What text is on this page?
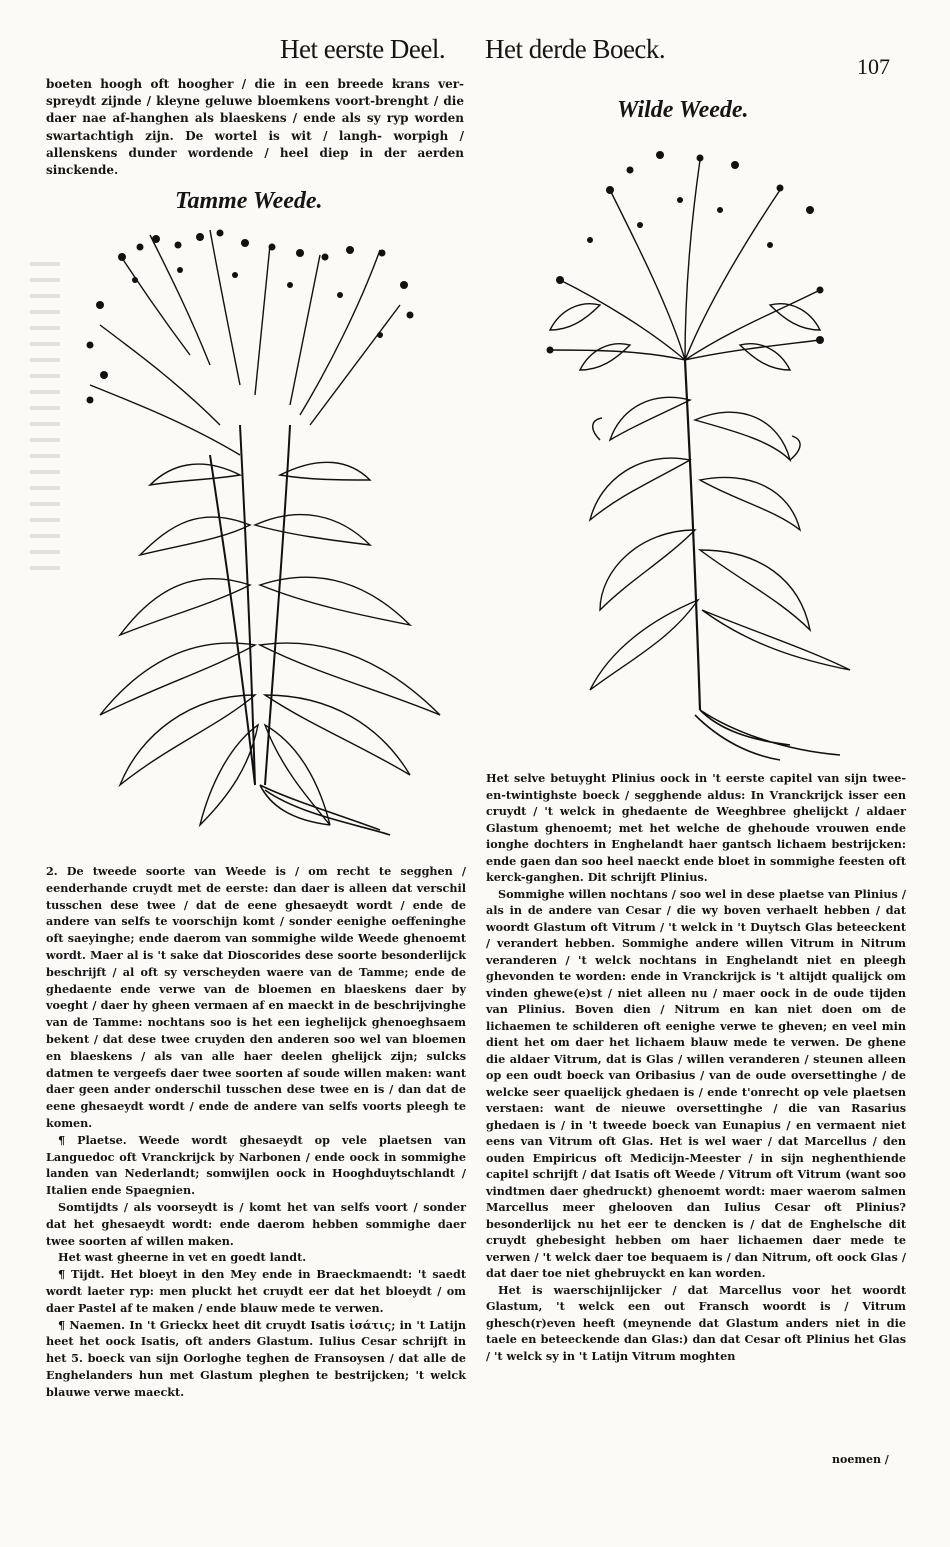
Het eerste Deel. Het derde Boeck.
107

boeten hoogh oft hoogher / die in een breede krans ver- spreydt zijnde / kleyne geluwe bloemkens voort-brenght / die daer nae af-hanghen als blaeskens / ende als sy ryp worden swartachtigh zijn. De wortel is wit / langh- worpigh / allenskens dunder wordende / heel diep in der aerden sinckende.

Tamme Weede.
Wilde Weede.

2. De tweede soorte van Weede is / om recht te segghen / eenderhande cruydt met de eerste: dan daer is alleen dat verschil tusschen dese twee / dat de eene ghesaeydt wordt / ende de andere van selfs te voorschijn komt / sonder eenighe oeffeninghe oft saeyinghe; ende daerom van sommighe wilde Weede ghenoemt wordt. Maer al is 't sake dat Dioscorides dese soorte besonderlijck beschrijft / al oft sy verscheyden waere van de Tamme; ende de ghedaente ende verwe van de bloemen en blaeskens daer by voeght / daer hy gheen vermaen af en maeckt in de beschrijvinghe van de Tamme: nochtans soo is het een ieghelijck ghenoeghsaem bekent / dat dese twee cruyden den anderen soo wel van bloemen en blaeskens / als van alle haer deelen ghelijck zijn; sulcks datmen te vergeefs daer twee soorten af soude willen maken: want daer geen ander onderschil tusschen dese twee en is / dan dat de eene ghesaeydt wordt / ende de andere van selfs voorts pleegh te komen.

¶ Plaetse. Weede wordt ghesaeydt op vele plaetsen van Languedoc oft Vranckrijck by Narbonen / ende oock in sommighe landen van Nederlandt; somwijlen oock in Hooghduytschlandt / Italien ende Spaegnien.

Somtijdts / als voorseydt is / komt het van selfs voort / sonder dat het ghesaeydt wordt: ende daerom hebben sommighe daer twee soorten af willen maken.

Het wast gheerne in vet en goedt landt.

¶ Tijdt. Het bloeyt in den Mey ende in Braeckmaendt: 't saedt wordt laeter ryp: men pluckt het cruydt eer dat het bloeydt / om daer Pastel af te maken / ende blauw mede te verwen.

¶ Naemen. In 't Grieckx heet dit cruydt Isatis ἰσάτις; in 't Latijn heet het oock Isatis, oft anders Glastum. Iulius Cesar schrijft in het 5. boeck van sijn Oorloghe teghen de Fransoysen / dat alle de Enghelanders hun met Glastum pleghen te bestrijcken; 't welck blauwe verwe maeckt.

Het selve betuyght Plinius oock in 't eerste capitel van sijn twee-en-twintighste boeck / segghende aldus: In Vranckrijck isser een cruydt / 't welck in ghedaente de Weeghbree ghelijckt / aldaer Glastum ghenoemt; met het welche de ghehoude vrouwen ende ionghe dochters in Enghelandt haer gantsch lichaem bestrijcken: ende gaen dan soo heel naeckt ende bloet in sommighe feesten oft kerck-ganghen. Dit schrijft Plinius.

Sommighe willen nochtans / soo wel in dese plaetse van Plinius / als in de andere van Cesar / die wy boven verhaelt hebben / dat woordt Glastum oft Vitrum / 't welck in 't Duytsch Glas beteeckent / verandert hebben. Sommighe andere willen Vitrum in Nitrum veranderen / 't welck nochtans in Enghelandt niet en pleegh ghevonden te worden: ende in Vranckrijck is 't altijdt qualijck om vinden ghewe(e)st / niet alleen nu / maer oock in de oude tijden van Plinius. Boven dien / Nitrum en kan niet doen om de lichaemen te schilderen oft eenighe verwe te gheven; en veel min dient het om daer het lichaem blauw mede te verwen. De ghene die aldaer Vitrum, dat is Glas / willen veranderen / steunen alleen op een oudt boeck van Oribasius / van de oude oversettinghe / de welcke seer quaelijck ghedaen is / ende t'onrecht op vele plaetsen verstaen: want de nieuwe oversettinghe / die van Rasarius ghedaen is / in 't tweede boeck van Eunapius / en vermaent niet eens van Vitrum oft Glas. Het is wel waer / dat Marcellus / den ouden Empiricus oft Medicijn-Meester / in sijn neghenthiende capitel schrijft / dat Isatis oft Weede / Vitrum oft Vitrum (want soo vindtmen daer ghedruckt) ghenoemt wordt: maer waerom salmen Marcellus meer ghelooven dan Iulius Cesar oft Plinius? besonderlijck nu het eer te dencken is / dat de Enghelsche dit cruydt ghebesight hebben om haer lichaemen daer mede te verwen / 't welck daer toe bequaem is / dan Nitrum, oft oock Glas / dat daer toe niet ghebruyckt en kan worden.

Het is waerschijnlijcker / dat Marcellus voor het woordt Glastum, 't welck een out Fransch woordt is / Vitrum ghesch(r)even heeft (meynende dat Glastum anders niet in die taele en beteeckende dan Glas:) dan dat Cesar oft Plinius het Glas / 't welck sy in 't Latijn Vitrum moghten

noemen /
